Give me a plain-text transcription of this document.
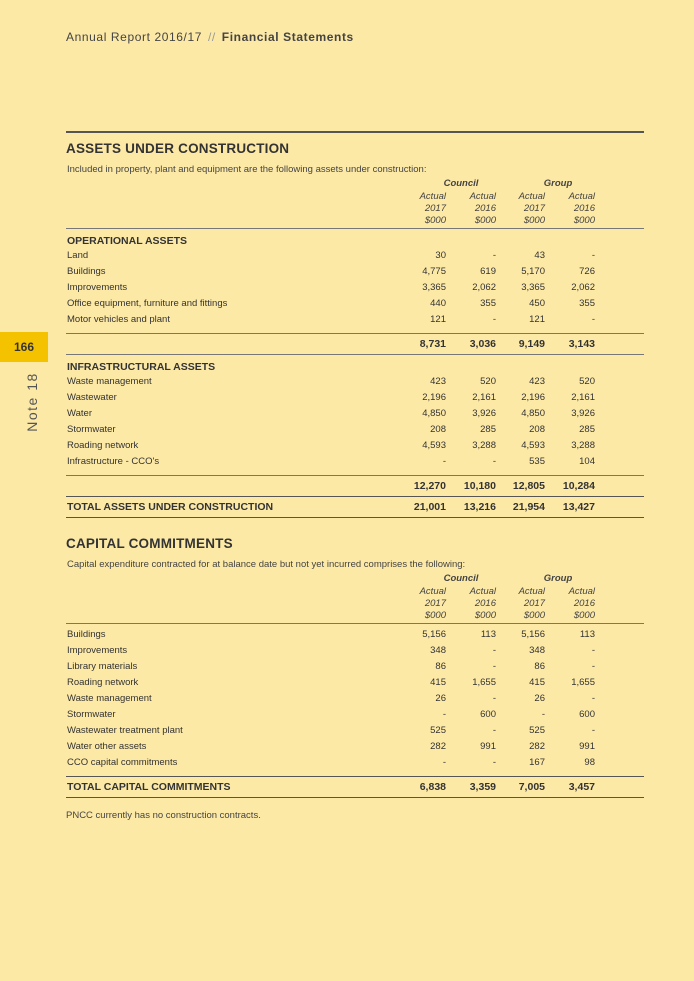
Annual Report 2016/17 // Financial Statements
166
Note 18
ASSETS UNDER CONSTRUCTION
Included in property, plant and equipment are the following assets under construction:
Council	Group
Actual	Actual	Actual	Actual
2017	2016	2017	2016
$000	$000	$000	$000
OPERATIONAL ASSETS
Land	30	-	43	-
Buildings	4,775	619	5,170	726
Improvements	3,365	2,062	3,365	2,062
Office equipment, furniture and fittings	440	355	450	355
Motor vehicles and plant	121	-	121	-
8,731	3,036	9,149	3,143
INFRASTRUCTURAL ASSETS
Waste management	423	520	423	520
Wastewater	2,196	2,161	2,196	2,161
Water	4,850	3,926	4,850	3,926
Stormwater	208	285	208	285
Roading network	4,593	3,288	4,593	3,288
Infrastructure - CCO's	-	-	535	104
12,270	10,180	12,805	10,284
TOTAL ASSETS UNDER CONSTRUCTION	21,001	13,216	21,954	13,427
CAPITAL COMMITMENTS
Capital expenditure contracted for at balance date but not yet incurred comprises the following:
Council	Group
Actual	Actual	Actual	Actual
2017	2016	2017	2016
$000	$000	$000	$000
Buildings	5,156	113	5,156	113
Improvements	348	-	348	-
Library materials	86	-	86	-
Roading network	415	1,655	415	1,655
Waste management	26	-	26	-
Stormwater	-	600	-	600
Wastewater treatment plant	525	-	525	-
Water other assets	282	991	282	991
CCO capital commitments	-	-	167	98
TOTAL CAPITAL COMMITMENTS	6,838	3,359	7,005	3,457
PNCC currently has no construction contracts.
